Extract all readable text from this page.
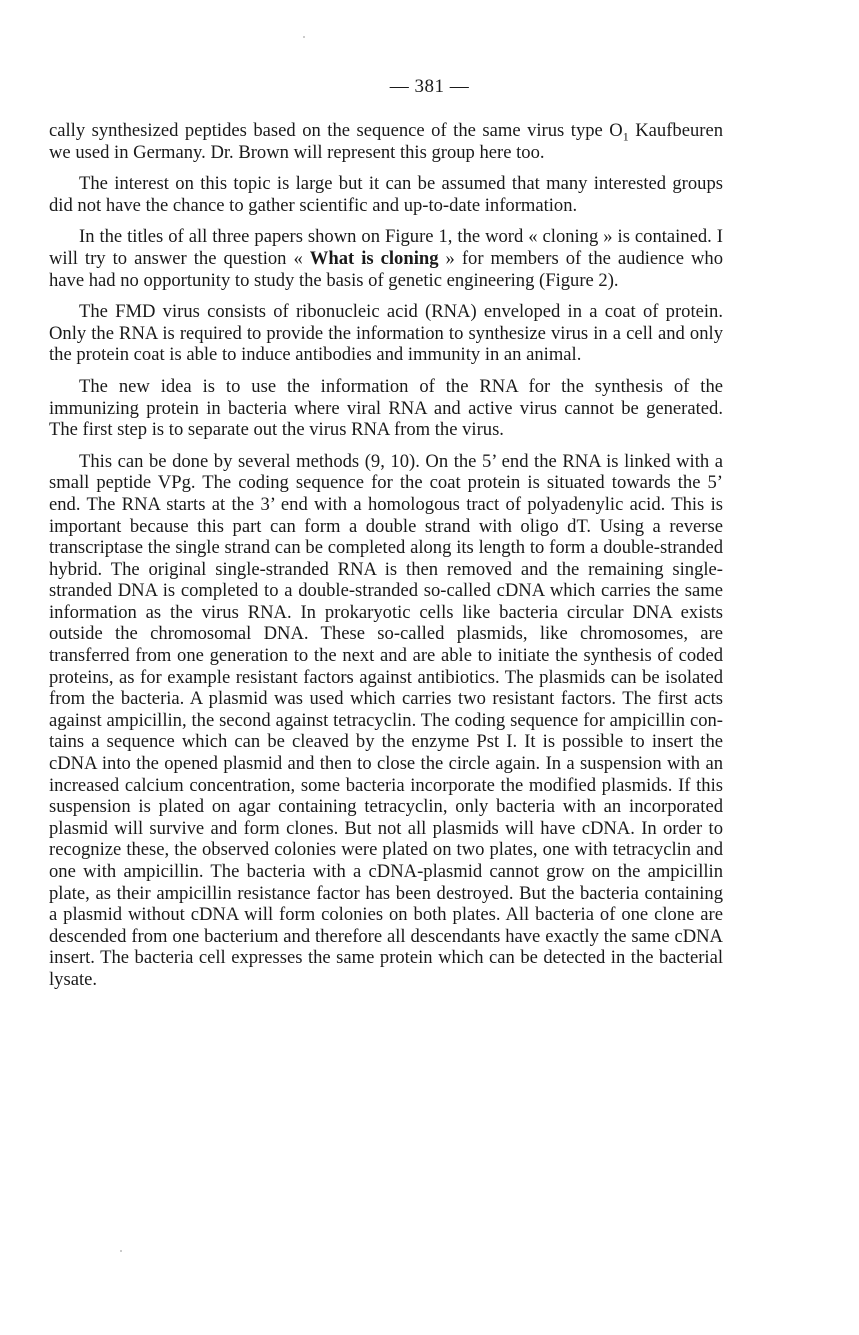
— 381 —

cally synthesized peptides based on the sequence of the same virus type $O_1$ Kaufbeuren we used in Germany. Dr. Brown will represent this group here too.

The interest on this topic is large but it can be assumed that many interested groups did not have the chance to gather scientific and up-to-date information.

In the titles of all three papers shown on Figure 1, the word « cloning » is contained. I will try to answer the question « What is cloning » for members of the audience who have had no opportunity to study the basis of genetic engineering (Figure 2).

The FMD virus consists of ribonucleic acid (RNA) enveloped in a coat of protein. Only the RNA is required to provide the information to synthesize virus in a cell and only the protein coat is able to induce antibodies and immunity in an animal.

The new idea is to use the information of the RNA for the synthesis of the immunizing protein in bacteria where viral RNA and active virus cannot be generated. The first step is to separate out the virus RNA from the virus.

This can be done by several methods (9, 10). On the 5’ end the RNA is linked with a small peptide VPg. The coding sequence for the coat protein is situated towards the 5’ end. The RNA starts at the 3’ end with a homologous tract of polyadenylic acid. This is important because this part can form a double strand with oligo dT. Using a reverse transcriptase the single strand can be completed along its length to form a double-stranded hybrid. The original single-stranded RNA is then removed and the remaining single-stranded DNA is completed to a double-stranded so-called cDNA which carries the same information as the virus RNA. In prokaryotic cells like bacteria circular DNA exists outside the chromosomal DNA. These so-called plasmids, like chromosomes, are transferred from one generation to the next and are able to initiate the synthesis of coded proteins, as for example resistant factors against antibiotics. The plasmids can be isolated from the bacteria. A plasmid was used which carries two resistant factors. The first acts against ampicillin, the second against tetracyclin. The coding sequence for ampicillin contains a sequence which can be cleaved by the enzyme Pst I. It is possible to insert the cDNA into the opened plasmid and then to close the circle again. In a suspension with an increased calcium concentration, some bacteria incorporate the modified plasmids. If this suspension is plated on agar containing tetracyclin, only bacteria with an incorporated plasmid will survive and form clones. But not all plasmids will have cDNA. In order to recognize these, the observed colonies were plated on two plates, one with tetracyclin and one with ampicillin. The bacteria with a cDNA-plasmid cannot grow on the ampicillin plate, as their ampicillin resistance factor has been destroyed. But the bacteria containing a plasmid without cDNA will form colonies on both plates. All bacteria of one clone are descended from one bacterium and therefore all descendants have exactly the same cDNA insert. The bacteria cell expresses the same protein which can be detected in the bacterial lysate.
